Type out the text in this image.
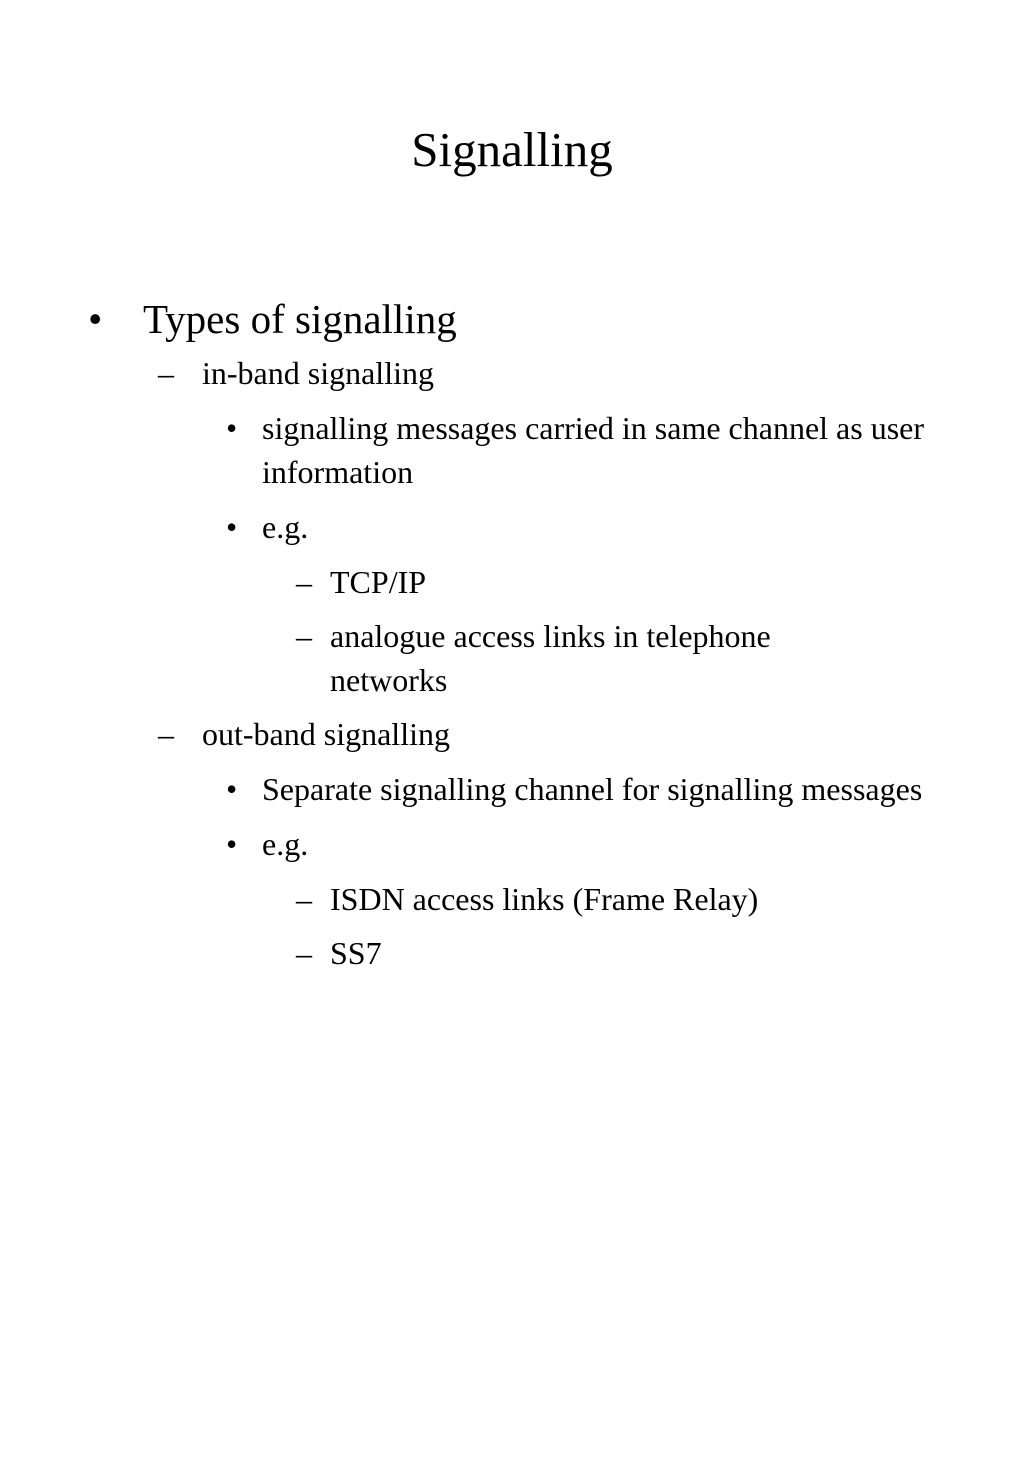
Signalling
• Types of signalling
– in-band signalling
• signalling messages carried in same channel as user information
• e.g.
– TCP/IP
– analogue access links in telephone networks
– out-band signalling
• Separate signalling channel for signalling messages
• e.g.
– ISDN access links (Frame Relay)
– SS7
